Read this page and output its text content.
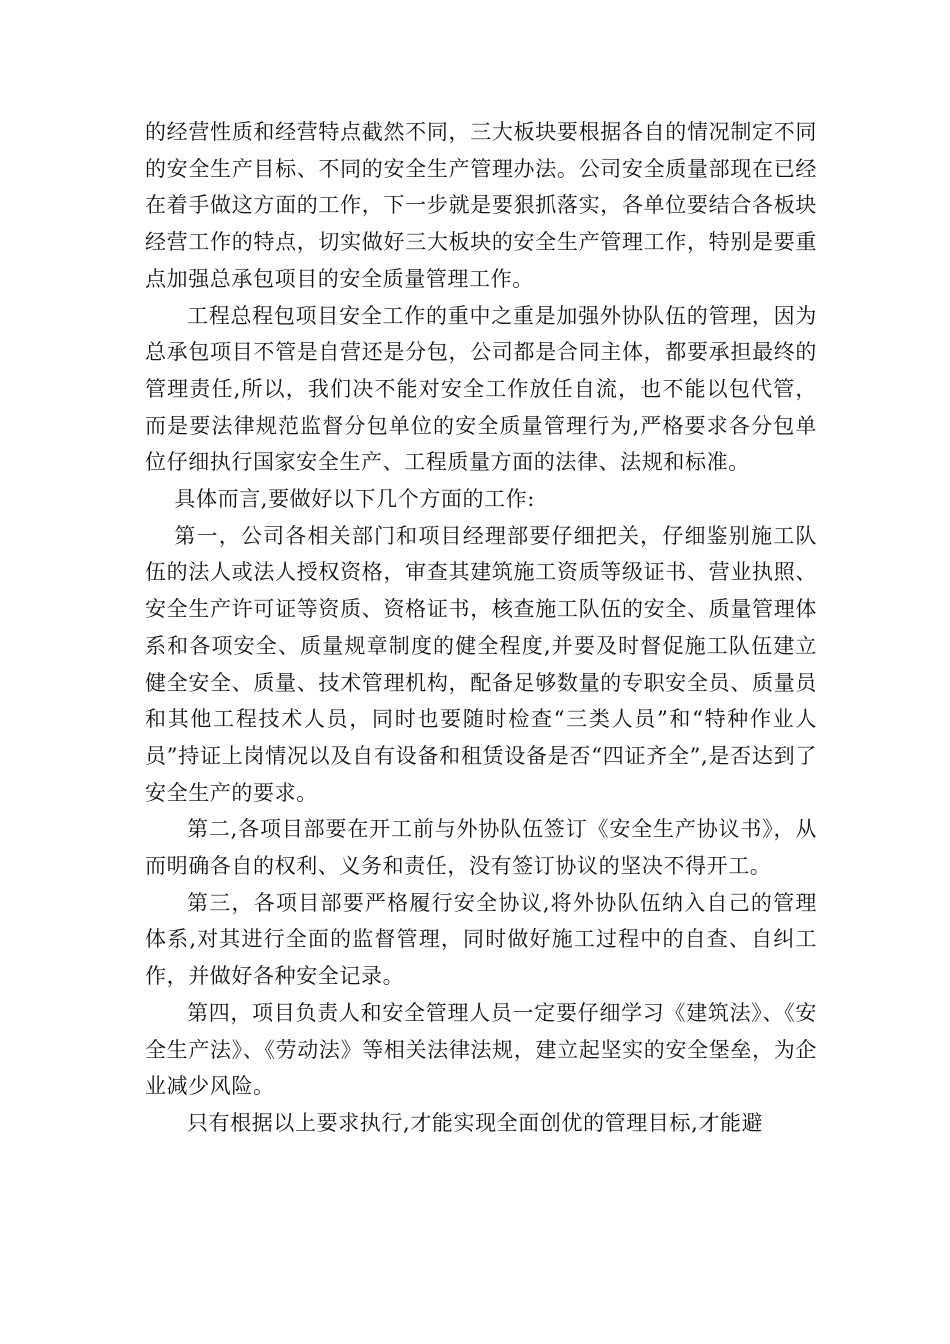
的经营性质和经营特点截然不同，三大板块要根据各自的情况制定不同的安全生产目标、不同的安全生产管理办法。公司安全质量部现在已经在着手做这方面的工作，下一步就是要狠抓落实，各单位要结合各板块经营工作的特点，切实做好三大板块的安全生产管理工作，特别是要重点加强总承包项目的安全质量管理工作。

工程总程包项目安全工作的重中之重是加强外协队伍的管理，因为总承包项目不管是自营还是分包，公司都是合同主体，都要承担最终的管理责任,所以，我们决不能对安全工作放任自流，也不能以包代管，而是要法律规范监督分包单位的安全质量管理行为,严格要求各分包单位仔细执行国家安全生产、工程质量方面的法律、法规和标准。

具体而言,要做好以下几个方面的工作:

第一，公司各相关部门和项目经理部要仔细把关，仔细鉴别施工队伍的法人或法人授权资格，审查其建筑施工资质等级证书、营业执照、安全生产许可证等资质、资格证书，核查施工队伍的安全、质量管理体系和各项安全、质量规章制度的健全程度,并要及时督促施工队伍建立健全安全、质量、技术管理机构，配备足够数量的专职安全员、质量员和其他工程技术人员，同时也要随时检查“三类人员”和“特种作业人员”持证上岗情况以及自有设备和租赁设备是否“四证齐全”,是否达到了安全生产的要求。

第二,各项目部要在开工前与外协队伍签订《安全生产协议书》，从而明确各自的权利、义务和责任，没有签订协议的坚决不得开工。

第三，各项目部要严格履行安全协议,将外协队伍纳入自己的管理体系,对其进行全面的监督管理，同时做好施工过程中的自查、自纠工作，并做好各种安全记录。

第四，项目负责人和安全管理人员一定要仔细学习《建筑法》、《安全生产法》、《劳动法》等相关法律法规，建立起坚实的安全堡垒，为企业减少风险。

只有根据以上要求执行,才能实现全面创优的管理目标,才能避
